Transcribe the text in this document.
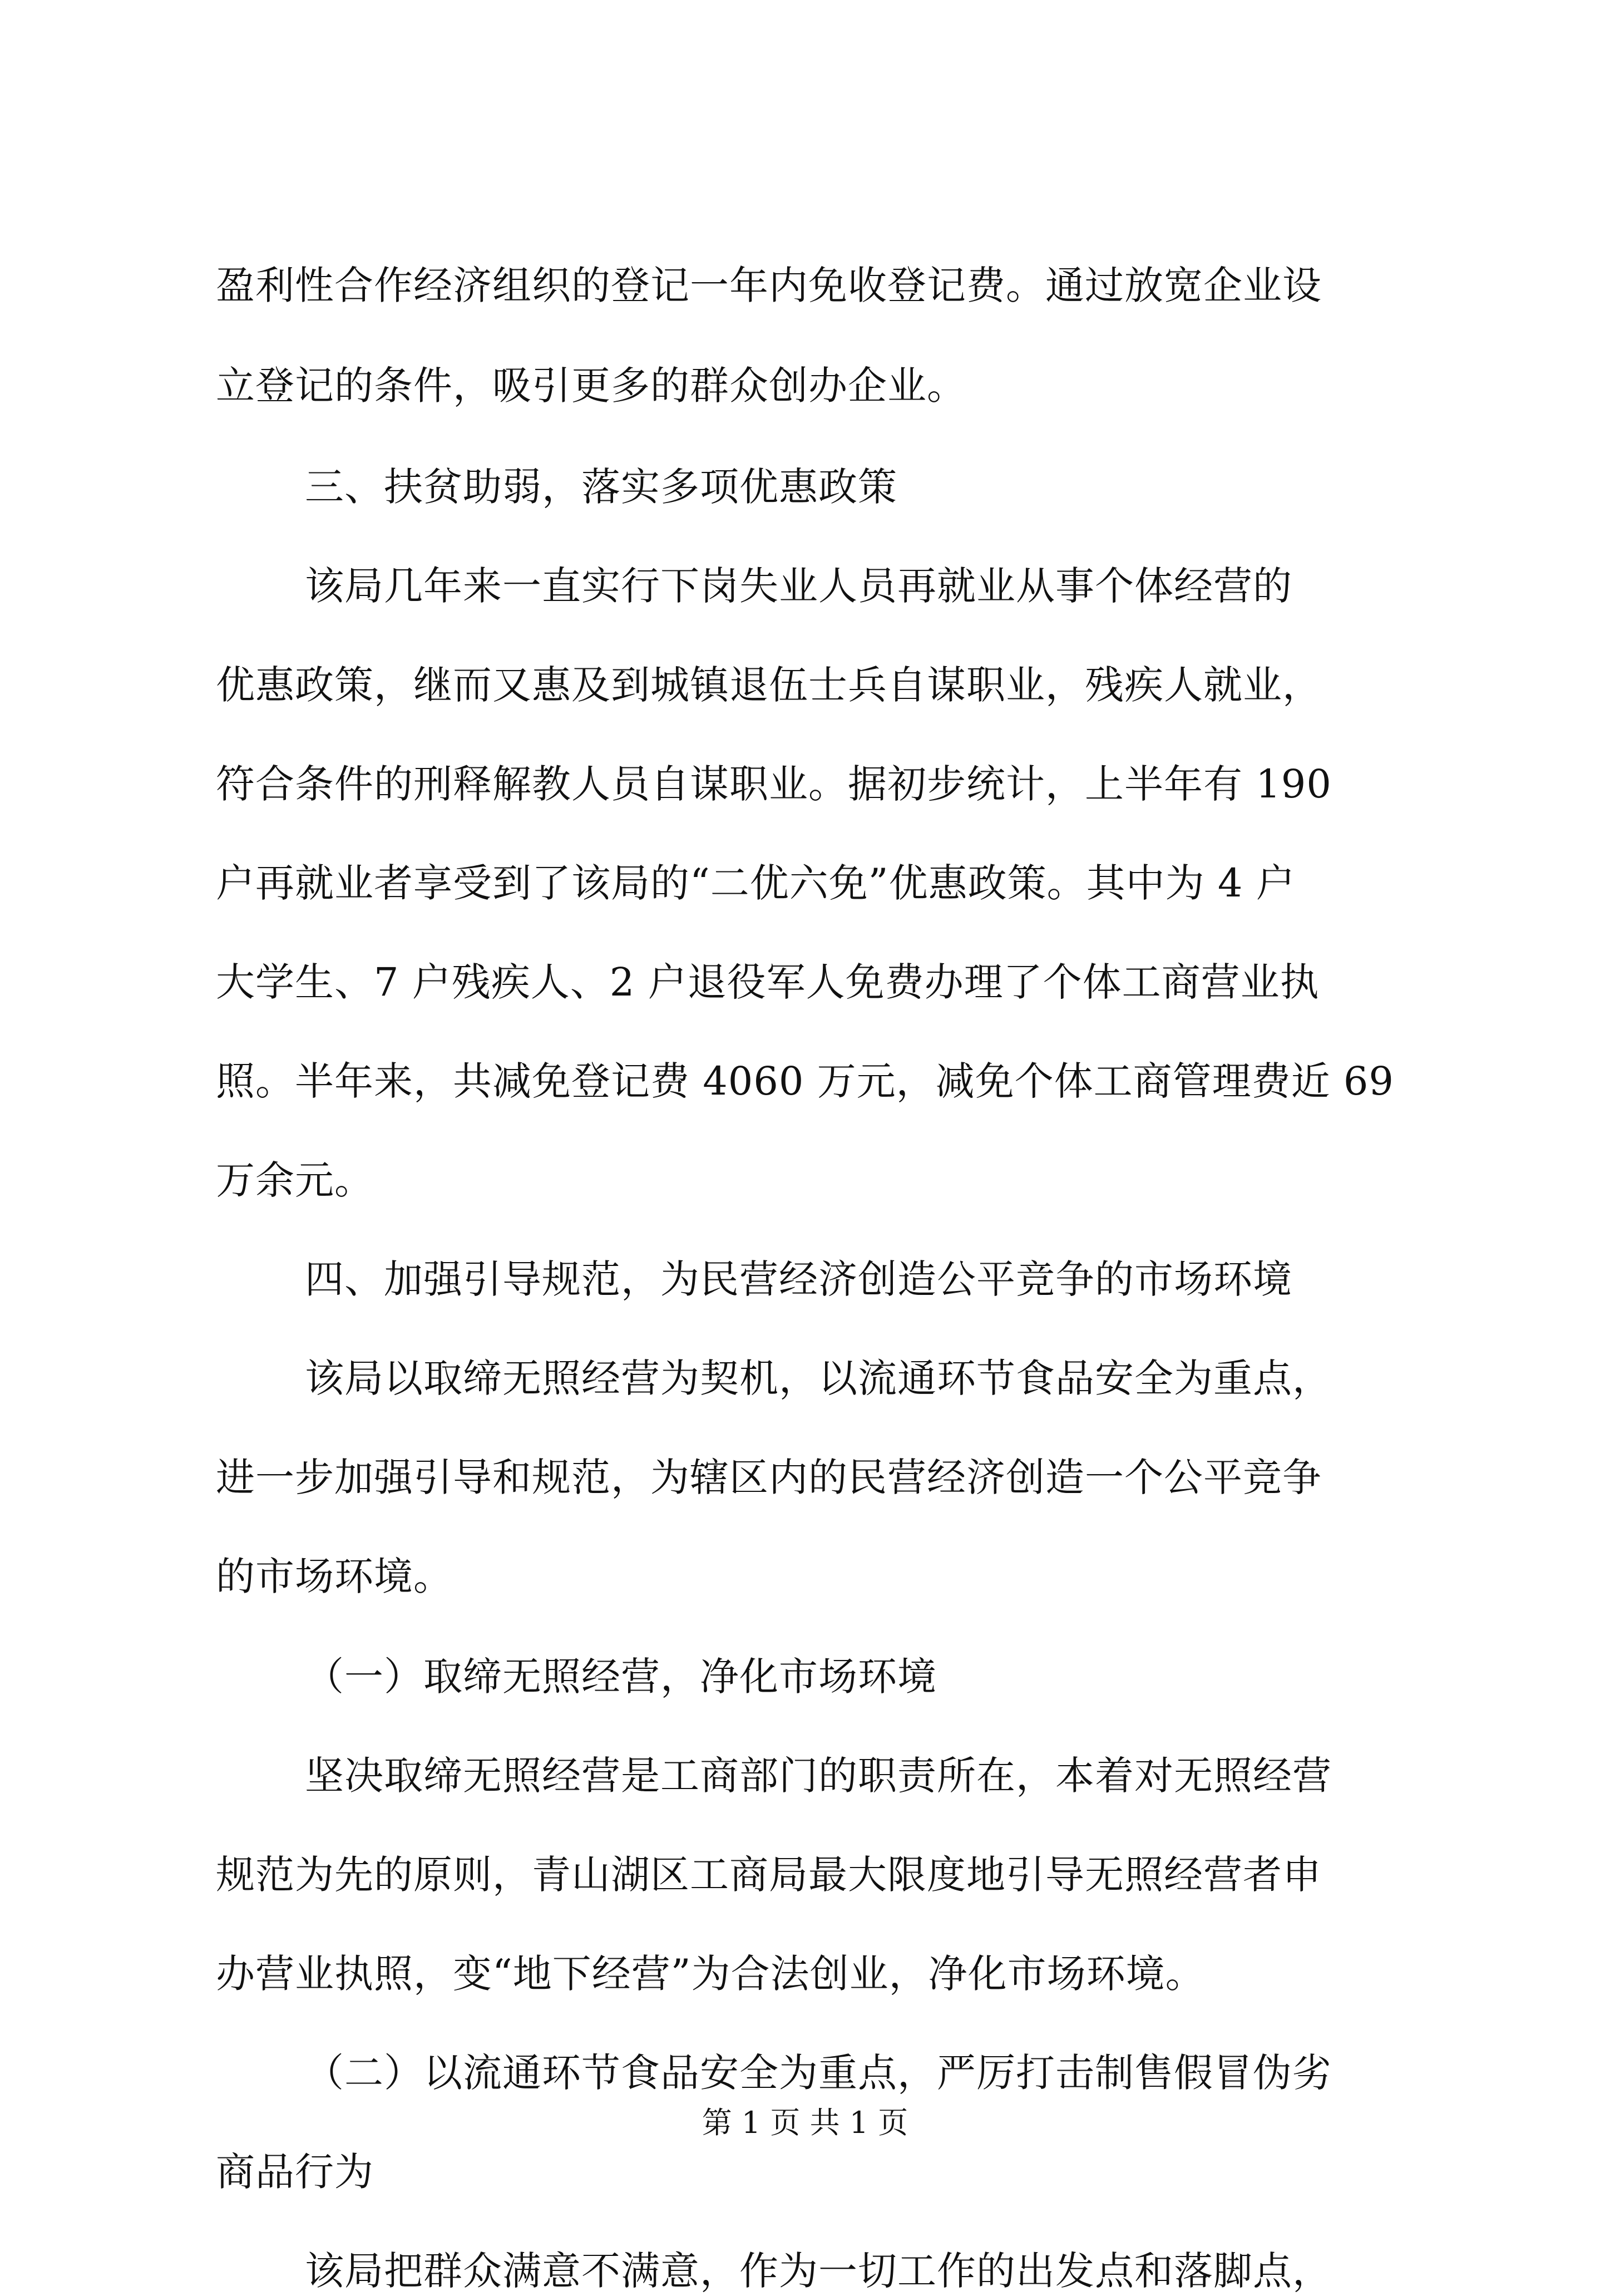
盈利性合作经济组织的登记一年内免收登记费。通过放宽企业设
立登记的条件，吸引更多的群众创办企业。
三、扶贫助弱，落实多项优惠政策
该局几年来一直实行下岗失业人员再就业从事个体经营的
优惠政策，继而又惠及到城镇退伍士兵自谋职业，残疾人就业，
符合条件的刑释解教人员自谋职业。据初步统计，上半年有 190
户再就业者享受到了该局的“二优六免”优惠政策。其中为 4 户
大学生、7 户残疾人、2 户退役军人免费办理了个体工商营业执
照。半年来，共减免登记费 4060 万元，减免个体工商管理费近 69
万余元。
四、加强引导规范，为民营经济创造公平竞争的市场环境
该局以取缔无照经营为契机，以流通环节食品安全为重点，
进一步加强引导和规范，为辖区内的民营经济创造一个公平竞争
的市场环境。
（一）取缔无照经营，净化市场环境
坚决取缔无照经营是工商部门的职责所在，本着对无照经营
规范为先的原则，青山湖区工商局最大限度地引导无照经营者申
办营业执照，变“地下经营”为合法创业，净化市场环境。
（二）以流通环节食品安全为重点，严厉打击制售假冒伪劣
商品行为
该局把群众满意不满意，作为一切工作的出发点和落脚点，
第 1 页 共 1 页
